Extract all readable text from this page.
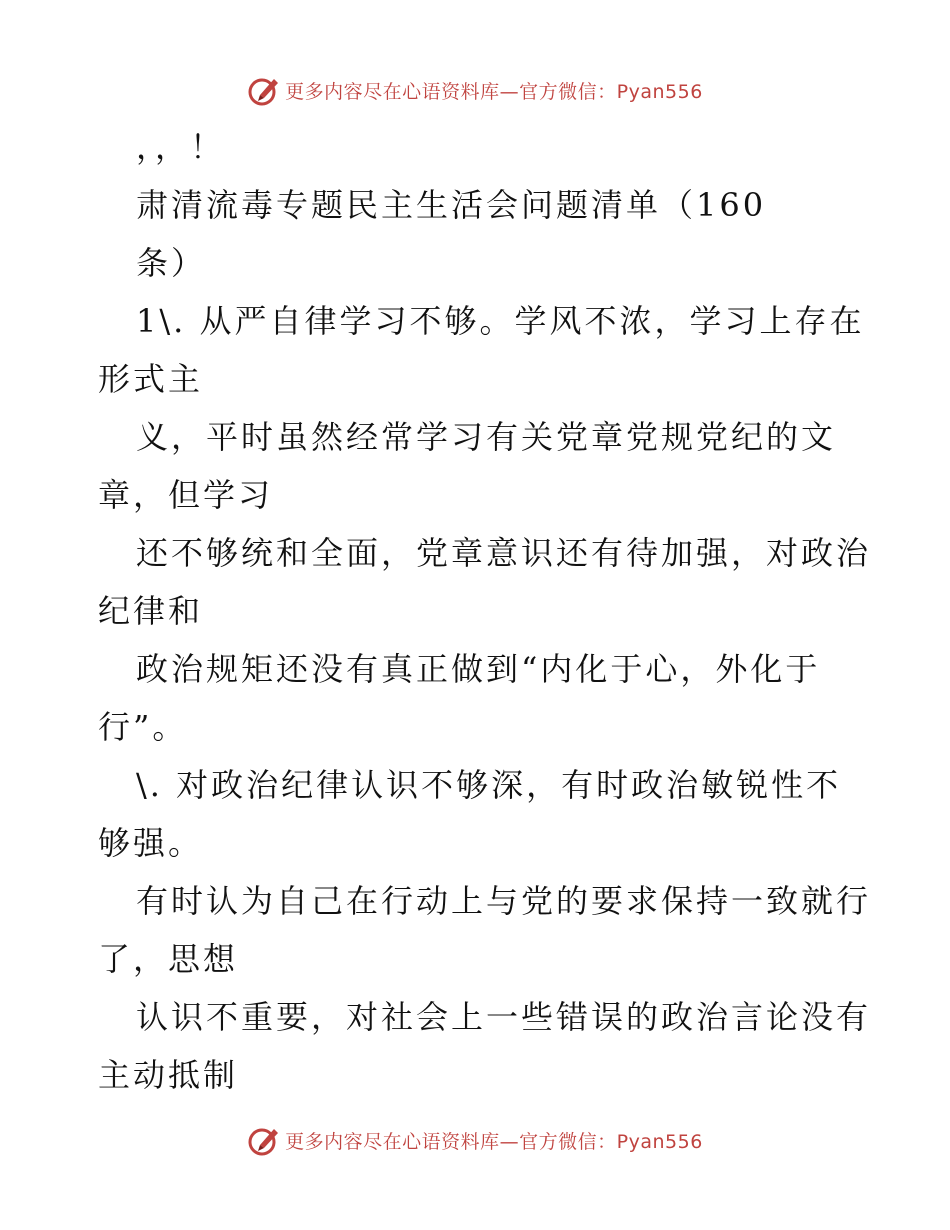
更多内容尽在心语资料库—官方微信：Pyan556
，，！
肃清流毒专题民主生活会问题清单（160
条）
1\. 从严自律学习不够。学风不浓，学习上存在
形式主
义，平时虽然经常学习有关党章党规党纪的文
章，但学习
还不够统和全面，党章意识还有待加强，对政治
纪律和
政治规矩还没有真正做到“内化于心，外化于
行”。
\. 对政治纪律认识不够深，有时政治敏锐性不
够强。
有时认为自己在行动上与党的要求保持一致就行
了，思想
认识不重要，对社会上一些错误的政治言论没有
主动抵制
更多内容尽在心语资料库—官方微信：Pyan556
